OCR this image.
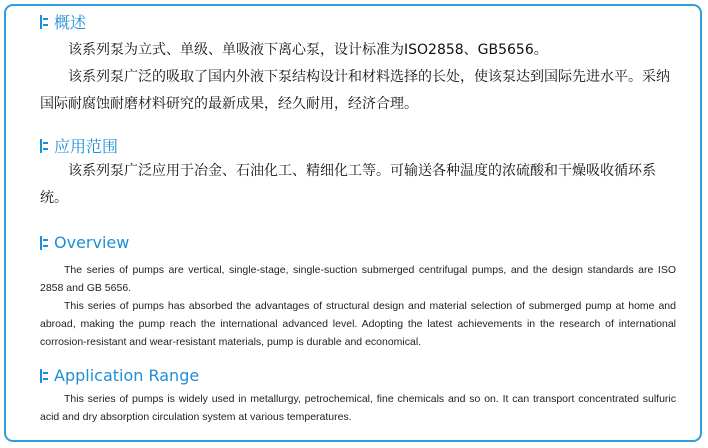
概述

该系列泵为立式、单级、单吸液下离心泵，设计标准为ISO2858、GB5656。

该系列泵广泛的吸取了国内外液下泵结构设计和材料选择的长处，使该泵达到国际先进水平。采纳国际耐腐蚀耐磨材料研究的最新成果，经久耐用，经济合理。

应用范围

该系列泵广泛应用于冶金、石油化工、精细化工等。可输送各种温度的浓硫酸和干燥吸收循环系统。

Overview

The series of pumps are vertical, single-stage, single-suction submerged centrifugal pumps, and the design standards are ISO 2858 and GB 5656.

This series of pumps has absorbed the advantages of structural design and material selection of submerged pump at home and abroad, making the pump reach the international advanced level. Adopting the latest achievements in the research of international corrosion-resistant and wear-resistant materials, pump is durable and economical.

Application Range

This series of pumps is widely used in metallurgy, petrochemical, fine chemicals and so on. It can transport concentrated sulfuric acid and dry absorption circulation system at various temperatures.
